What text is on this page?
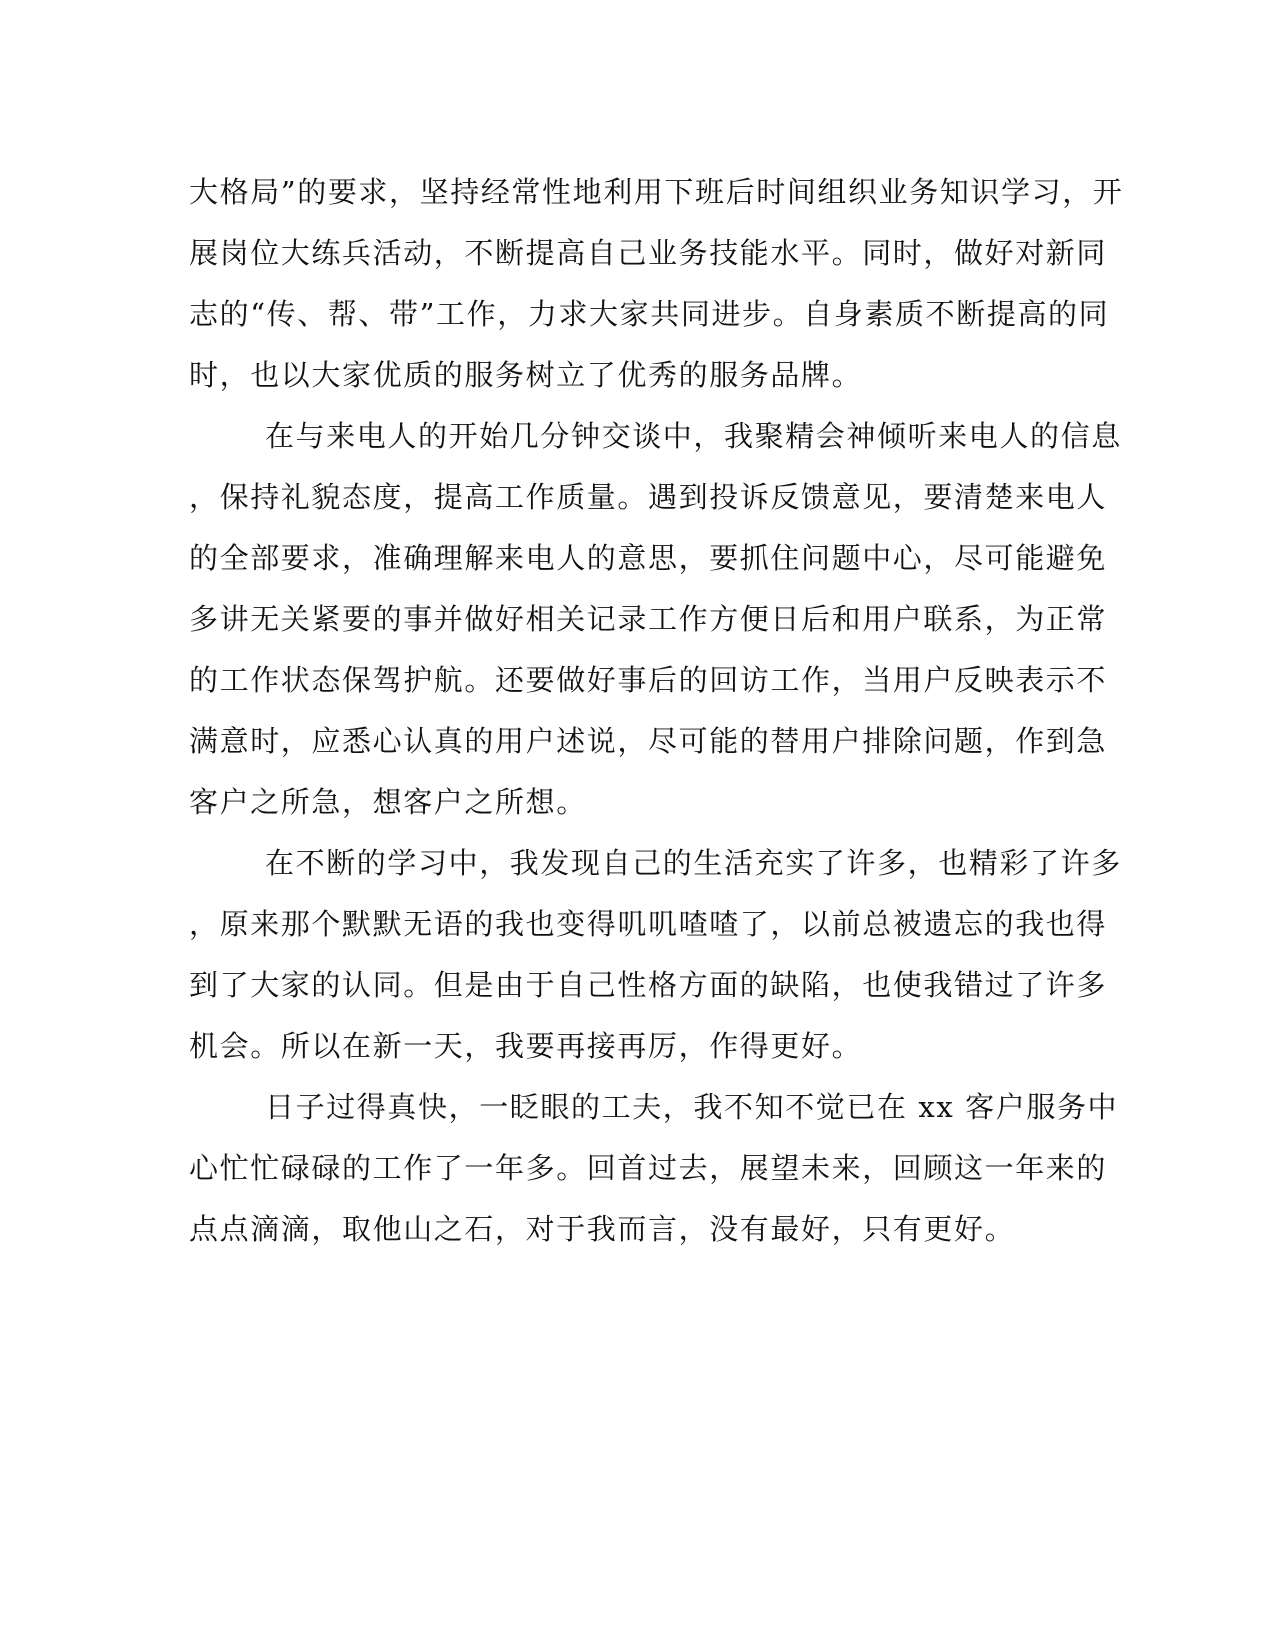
大格局”的要求，坚持经常性地利用下班后时间组织业务知识学习，开
展岗位大练兵活动，不断提高自己业务技能水平。同时，做好对新同
志的“传、帮、带”工作，力求大家共同进步。自身素质不断提高的同
时，也以大家优质的服务树立了优秀的服务品牌。
在与来电人的开始几分钟交谈中，我聚精会神倾听来电人的信息
，保持礼貌态度，提高工作质量。遇到投诉反馈意见，要清楚来电人
的全部要求，准确理解来电人的意思，要抓住问题中心，尽可能避免
多讲无关紧要的事并做好相关记录工作方便日后和用户联系，为正常
的工作状态保驾护航。还要做好事后的回访工作，当用户反映表示不
满意时，应悉心认真的用户述说，尽可能的替用户排除问题，作到急
客户之所急，想客户之所想。
在不断的学习中，我发现自己的生活充实了许多，也精彩了许多
，原来那个默默无语的我也变得叽叽喳喳了，以前总被遗忘的我也得
到了大家的认同。但是由于自己性格方面的缺陷，也使我错过了许多
机会。所以在新一天，我要再接再厉，作得更好。
日子过得真快，一眨眼的工夫，我不知不觉已在 xx 客户服务中
心忙忙碌碌的工作了一年多。回首过去，展望未来，回顾这一年来的
点点滴滴，取他山之石，对于我而言，没有最好，只有更好。
